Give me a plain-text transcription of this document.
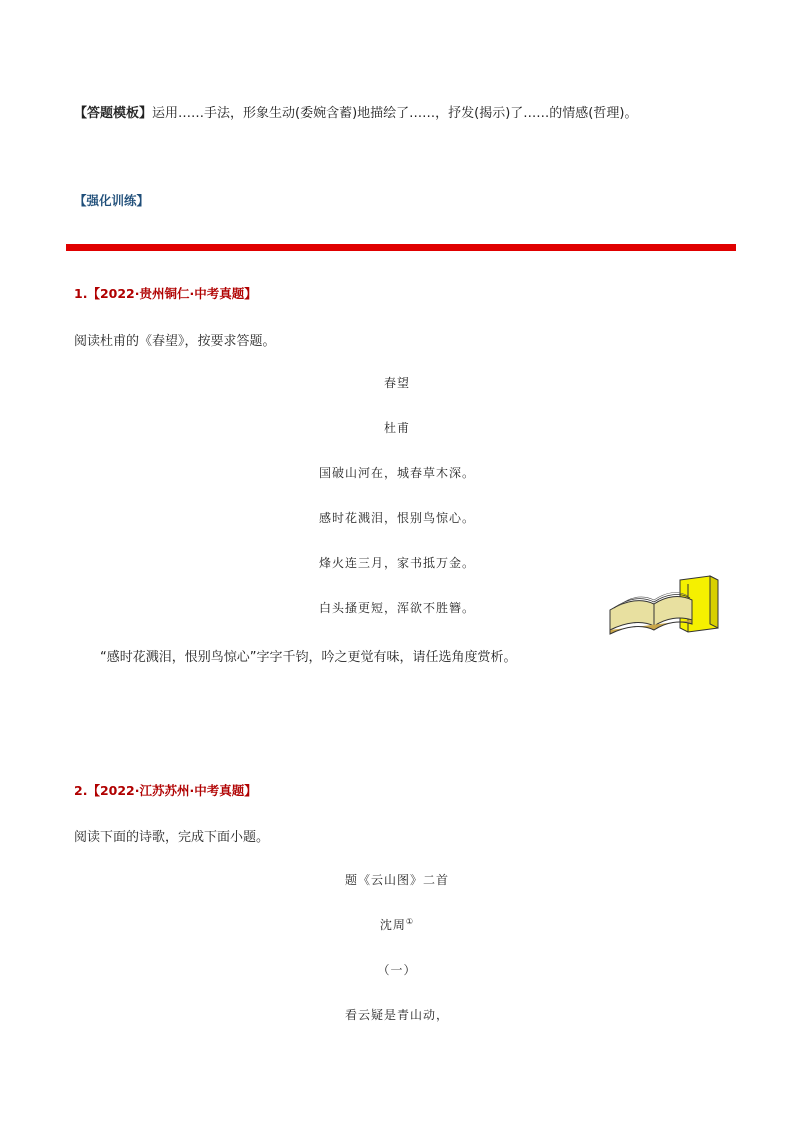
【答题模板】运用……手法，形象生动(委婉含蓄)地描绘了……，抒发(揭示)了……的情感(哲理)。
【强化训练】
1.【2022·贵州铜仁·中考真题】
阅读杜甫的《春望》，按要求答题。
春望
杜甫
国破山河在，城春草木深。
感时花溅泪，恨别鸟惊心。
烽火连三月，家书抵万金。
白头搔更短，浑欲不胜簪。
“感时花溅泪，恨别鸟惊心”字字千钧，吟之更觉有味，请任选角度赏析。
2.【2022·江苏苏州·中考真题】
阅读下面的诗歌，完成下面小题。
题《云山图》二首
沈周①
（一）
看云疑是青山动，
